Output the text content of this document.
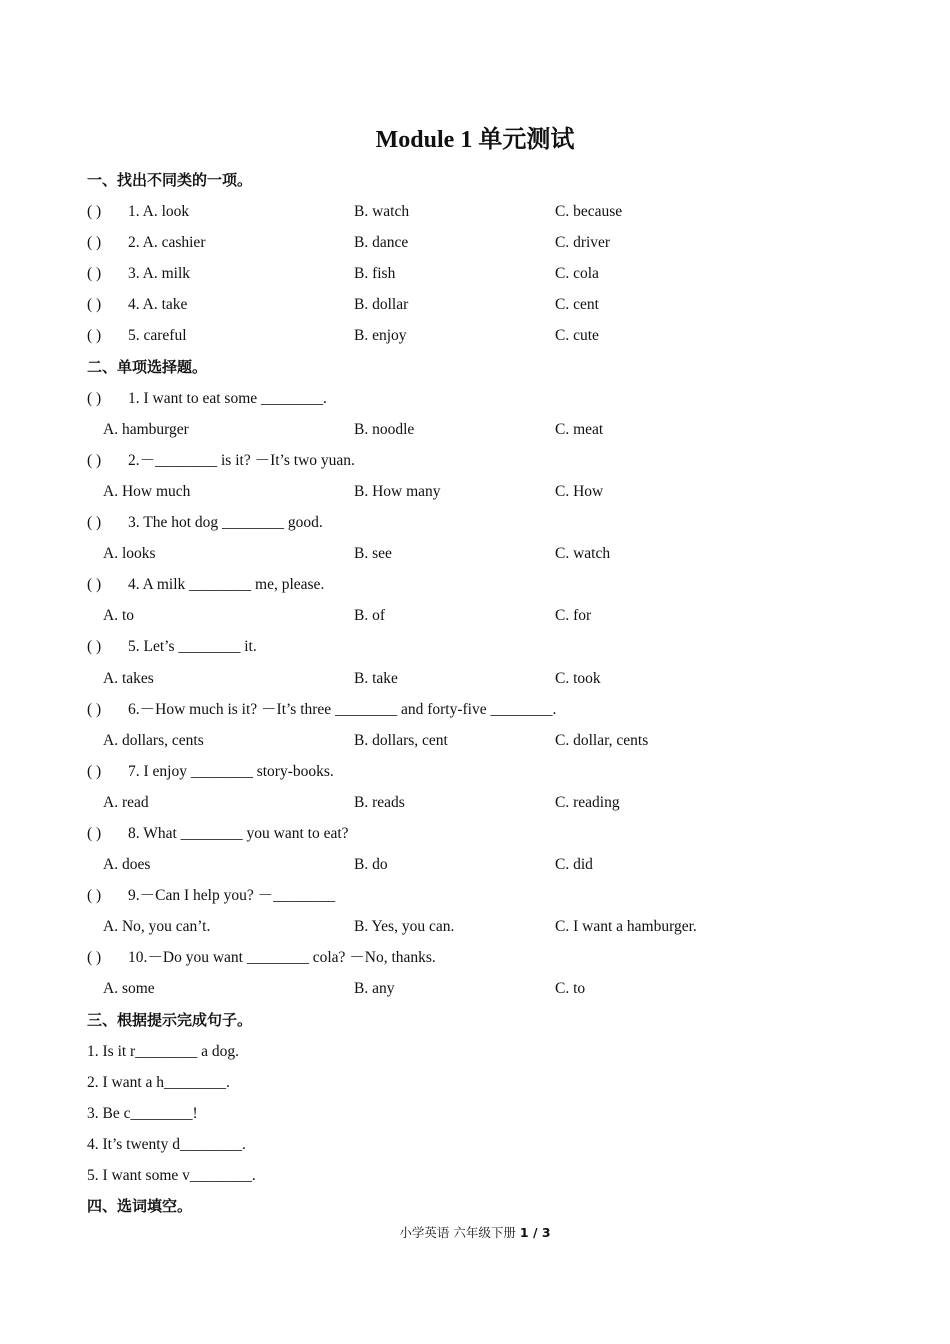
Module 1 单元测试
一、找出不同类的一项。
( ) 1. A. look	B. watch	C. because
( ) 2. A. cashier	B. dance	C. driver
( ) 3. A. milk	B. fish	C. cola
( ) 4. A. take	B. dollar	C. cent
( ) 5. careful	B. enjoy	C. cute
二、单项选择题。
( ) 1. I want to eat some ________.
A. hamburger	B. noodle	C. meat
( ) 2.－________ is it? －It’s two yuan.
A. How much	B. How many	C. How
( ) 3. The hot dog ________ good.
A. looks	B. see	C. watch
( ) 4. A milk ________ me, please.
A. to	B. of	C. for
( ) 5. Let’s ________ it.
A. takes	B. take	C. took
( ) 6.－How much is it? －It’s three ________ and forty-five ________.
A. dollars, cents	B. dollars, cent	C. dollar, cents
( ) 7. I enjoy ________ story-books.
A. read	B. reads	C. reading
( ) 8. What ________ you want to eat?
A. does	B. do	C. did
( ) 9.－Can I help you? －________
A. No, you can’t.	B. Yes, you can.	C. I want a hamburger.
( ) 10.－Do you want ________ cola? －No, thanks.
A. some	B. any	C. to
三、根据提示完成句子。
1. Is it r________ a dog.
2. I want a h________.
3. Be c________!
4. It’s twenty d________.
5. I want some v________.
四、选词填空。
小学英语 六年级下册 1 / 3
